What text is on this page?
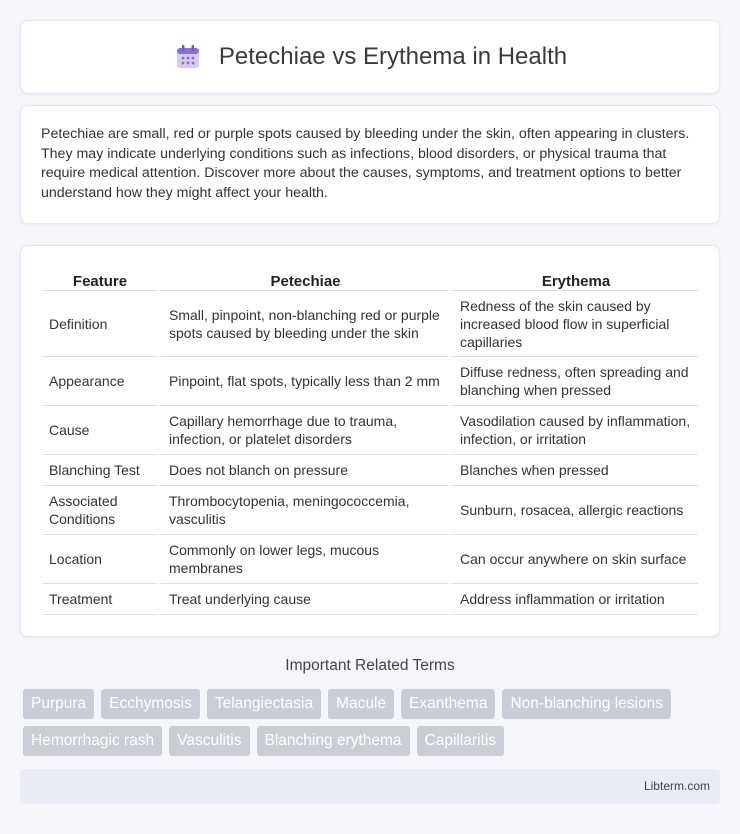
Petechiae vs Erythema in Health

Petechiae are small, red or purple spots caused by bleeding under the skin, often appearing in clusters. They may indicate underlying conditions such as infections, blood disorders, or physical trauma that require medical attention. Discover more about the causes, symptoms, and treatment options to better understand how they might affect your health.

Feature	Petechiae	Erythema
Definition	Small, pinpoint, non-blanching red or purple spots caused by bleeding under the skin	Redness of the skin caused by increased blood flow in superficial capillaries
Appearance	Pinpoint, flat spots, typically less than 2 mm	Diffuse redness, often spreading and blanching when pressed
Cause	Capillary hemorrhage due to trauma, infection, or platelet disorders	Vasodilation caused by inflammation, infection, or irritation
Blanching Test	Does not blanch on pressure	Blanches when pressed
Associated Conditions	Thrombocytopenia, meningococcemia, vasculitis	Sunburn, rosacea, allergic reactions
Location	Commonly on lower legs, mucous membranes	Can occur anywhere on skin surface
Treatment	Treat underlying cause	Address inflammation or irritation
Important Related Terms
Purpura	Ecchymosis	Telangiectasia	Macule	Exanthema	Non-blanching lesions
Hemorrhagic rash	Vasculitis	Blanching erythema	Capillaritis
Libterm.com
